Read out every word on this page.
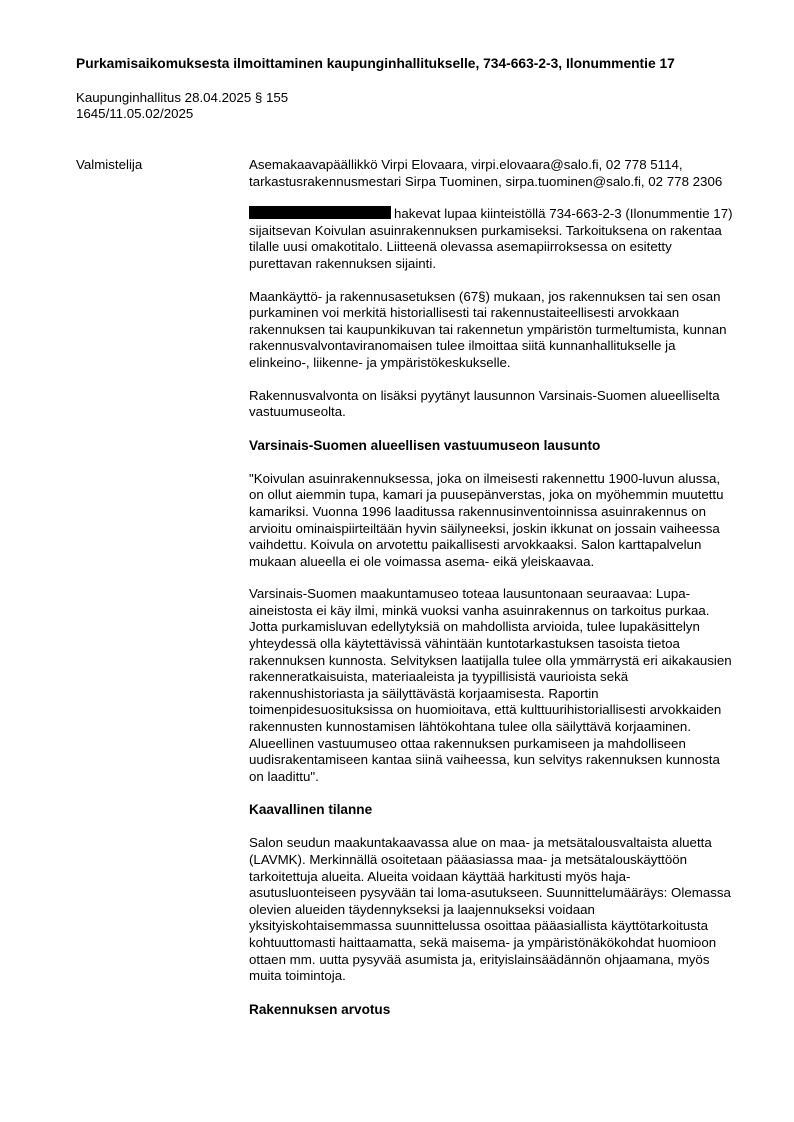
Purkamisaikomuksesta ilmoittaminen kaupunginhallitukselle, 734-663-2-3, Ilonummentie 17
Kaupunginhallitus 28.04.2025 § 155
1645/11.05.02/2025
Valmistelija	Asemakaavapäällikkö Virpi Elovaara, virpi.elovaara@salo.fi, 02 778 5114, tarkastusrakennusmestari Sirpa Tuominen, sirpa.tuominen@salo.fi, 02 778 2306

hakevat lupaa kiinteistöllä 734-663-2-3 (Ilonummentie 17) sijaitsevan Koivulan asuinrakennuksen purkamiseksi. Tarkoituksena on rakentaa tilalle uusi omakotitalo. Liitteenä olevassa asemapiirroksessa on esitetty purettavan rakennuksen sijainti.

Maankäyttö- ja rakennusasetuksen (67§) mukaan, jos rakennuksen tai sen osan purkaminen voi merkitä historiallisesti tai rakennustaiteellisesti arvokkaan rakennuksen tai kaupunkikuvan tai rakennetun ympäristön turmeltumista, kunnan rakennusvalvontaviranomaisen tulee ilmoittaa siitä kunnanhallitukselle ja elinkeino-, liikenne- ja ympäristökeskukselle.

Rakennusvalvonta on lisäksi pyytänyt lausunnon Varsinais-Suomen alueelliselta vastuumuseolta.

Varsinais-Suomen alueellisen vastuumuseon lausunto

"Koivulan asuinrakennuksessa, joka on ilmeisesti rakennettu 1900-luvun alussa, on ollut aiemmin tupa, kamari ja puusepänverstas, joka on myöhemmin muutettu kamariksi. Vuonna 1996 laaditussa rakennusinventoinnissa asuinrakennus on arvioitu ominaispiirteiltään hyvin säilyneeksi, joskin ikkunat on jossain vaiheessa vaihdettu. Koivula on arvotettu paikallisesti arvokkaaksi. Salon karttapalvelun mukaan alueella ei ole voimassa asema- eikä yleiskaavaa.

Varsinais-Suomen maakuntamuseo toteaa lausuntonaan seuraavaa: Lupa-aineistosta ei käy ilmi, minkä vuoksi vanha asuinrakennus on tarkoitus purkaa. Jotta purkamisluvan edellytyksiä on mahdollista arvioida, tulee lupakäsittelyn yhteydessä olla käytettävissä vähintään kuntotarkastuksen tasoista tietoa rakennuksen kunnosta. Selvityksen laatijalla tulee olla ymmärrystä eri aikakausien rakenneratkaisuista, materiaaleista ja tyypillisistä vaurioista sekä rakennushistoriasta ja säilyttävästä korjaamisesta. Raportin toimenpidesuosituksissa on huomioitava, että kulttuurihistoriallisesti arvokkaiden rakennusten kunnostamisen lähtökohtana tulee olla säilyttävä korjaaminen. Alueellinen vastuumuseo ottaa rakennuksen purkamiseen ja mahdolliseen uudisrakentamiseen kantaa siinä vaiheessa, kun selvitys rakennuksen kunnosta on laadittu".

Kaavallinen tilanne

Salon seudun maakuntakaavassa alue on maa- ja metsätalousvaltaista aluetta (LAVMK). Merkinnällä osoitetaan pääasiassa maa- ja metsätalouskäyttöön tarkoitettuja alueita. Alueita voidaan käyttää harkitusti myös haja-asutusluonteiseen pysyvään tai loma-asutukseen. Suunnittelumääräys: Olemassa olevien alueiden täydennykseksi ja laajennukseksi voidaan yksityiskohtaisemmassa suunnittelussa osoittaa pääasiallista käyttötarkoitusta kohtuuttomasti haittaamatta, sekä maisema- ja ympäristönäkökohdat huomioon ottaen mm. uutta pysyvää asumista ja, erityislainsäädännön ohjaamana, myös muita toimintoja.

Rakennuksen arvotus
